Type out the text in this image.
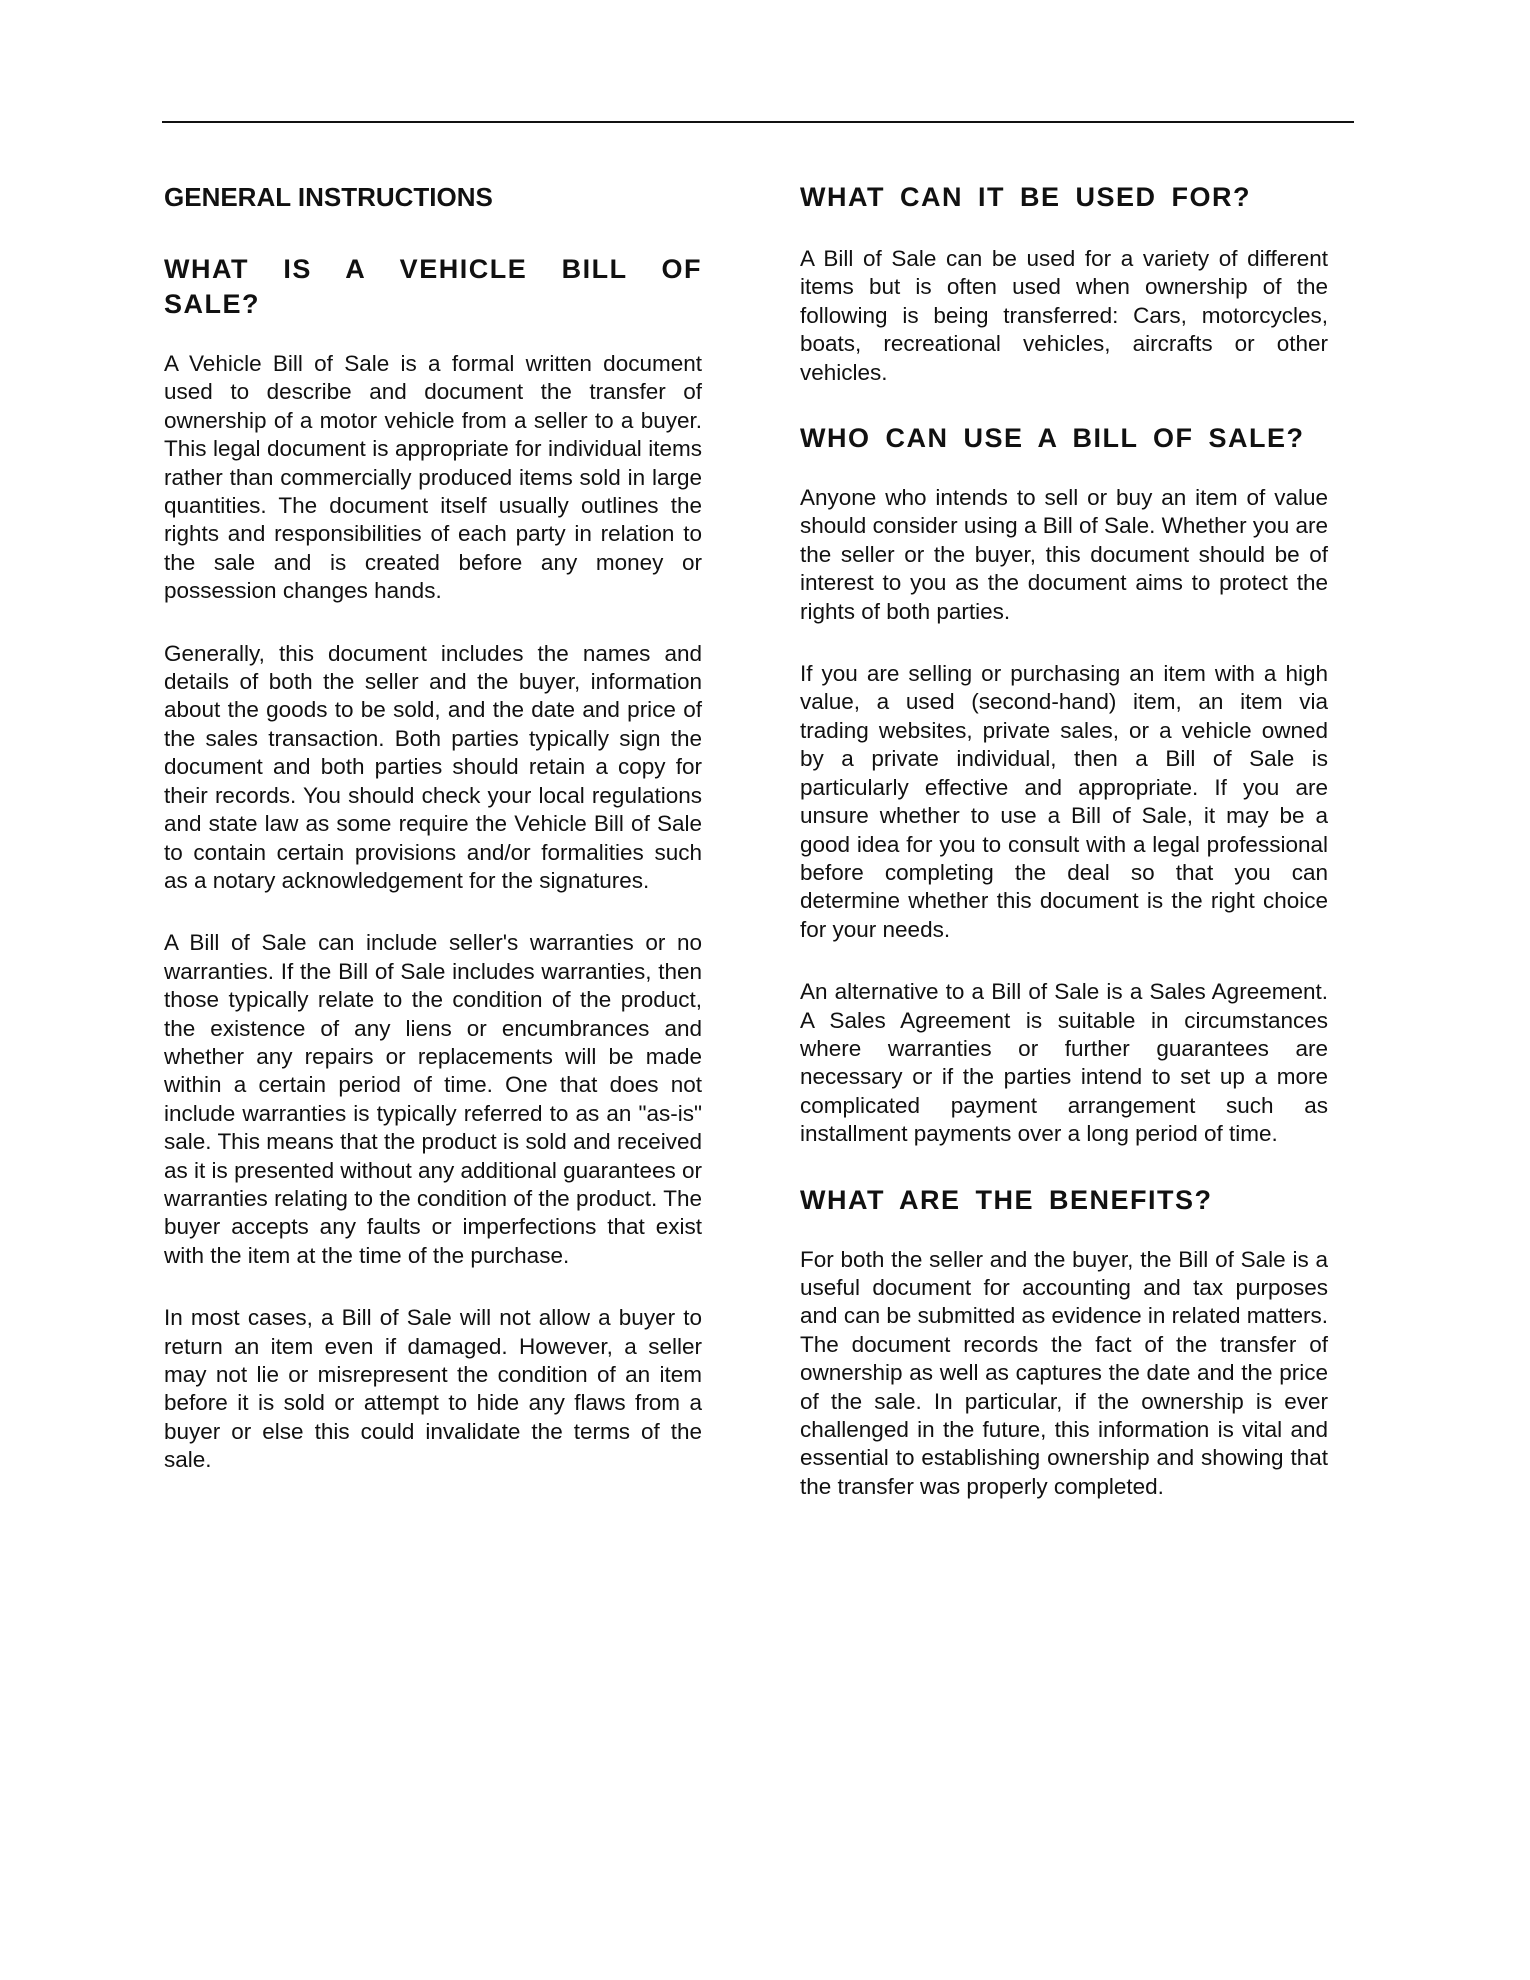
GENERAL INSTRUCTIONS
WHAT IS A VEHICLE BILL OF SALE?

A Vehicle Bill of Sale is a formal written document used to describe and document the transfer of ownership of a motor vehicle from a seller to a buyer. This legal document is appropriate for individual items rather than commercially produced items sold in large quantities. The document itself usually outlines the rights and responsibilities of each party in relation to the sale and is created before any money or possession changes hands.

Generally, this document includes the names and details of both the seller and the buyer, information about the goods to be sold, and the date and price of the sales transaction. Both parties typically sign the document and both parties should retain a copy for their records. You should check your local regulations and state law as some require the Vehicle Bill of Sale to contain certain provisions and/or formalities such as a notary acknowledgement for the signatures.

A Bill of Sale can include seller's warranties or no warranties. If the Bill of Sale includes warranties, then those typically relate to the condition of the product, the existence of any liens or encumbrances and whether any repairs or replacements will be made within a certain period of time. One that does not include warranties is typically referred to as an "as-is" sale. This means that the product is sold and received as it is presented without any additional guarantees or warranties relating to the condition of the product. The buyer accepts any faults or imperfections that exist with the item at the time of the purchase.

In most cases, a Bill of Sale will not allow a buyer to return an item even if damaged. However, a seller may not lie or misrepresent the condition of an item before it is sold or attempt to hide any flaws from a buyer or else this could invalidate the terms of the sale.

WHAT CAN IT BE USED FOR?

A Bill of Sale can be used for a variety of different items but is often used when ownership of the following is being transferred: Cars, motorcycles, boats, recreational vehicles, aircrafts or other vehicles.

WHO CAN USE A BILL OF SALE?

Anyone who intends to sell or buy an item of value should consider using a Bill of Sale. Whether you are the seller or the buyer, this document should be of interest to you as the document aims to protect the rights of both parties.

If you are selling or purchasing an item with a high value, a used (second-hand) item, an item via trading websites, private sales, or a vehicle owned by a private individual, then a Bill of Sale is particularly effective and appropriate. If you are unsure whether to use a Bill of Sale, it may be a good idea for you to consult with a legal professional before completing the deal so that you can determine whether this document is the right choice for your needs.

An alternative to a Bill of Sale is a Sales Agreement. A Sales Agreement is suitable in circumstances where warranties or further guarantees are necessary or if the parties intend to set up a more complicated payment arrangement such as installment payments over a long period of time.

WHAT ARE THE BENEFITS?

For both the seller and the buyer, the Bill of Sale is a useful document for accounting and tax purposes and can be submitted as evidence in related matters. The document records the fact of the transfer of ownership as well as captures the date and the price of the sale. In particular, if the ownership is ever challenged in the future, this information is vital and essential to establishing ownership and showing that the transfer was properly completed.
